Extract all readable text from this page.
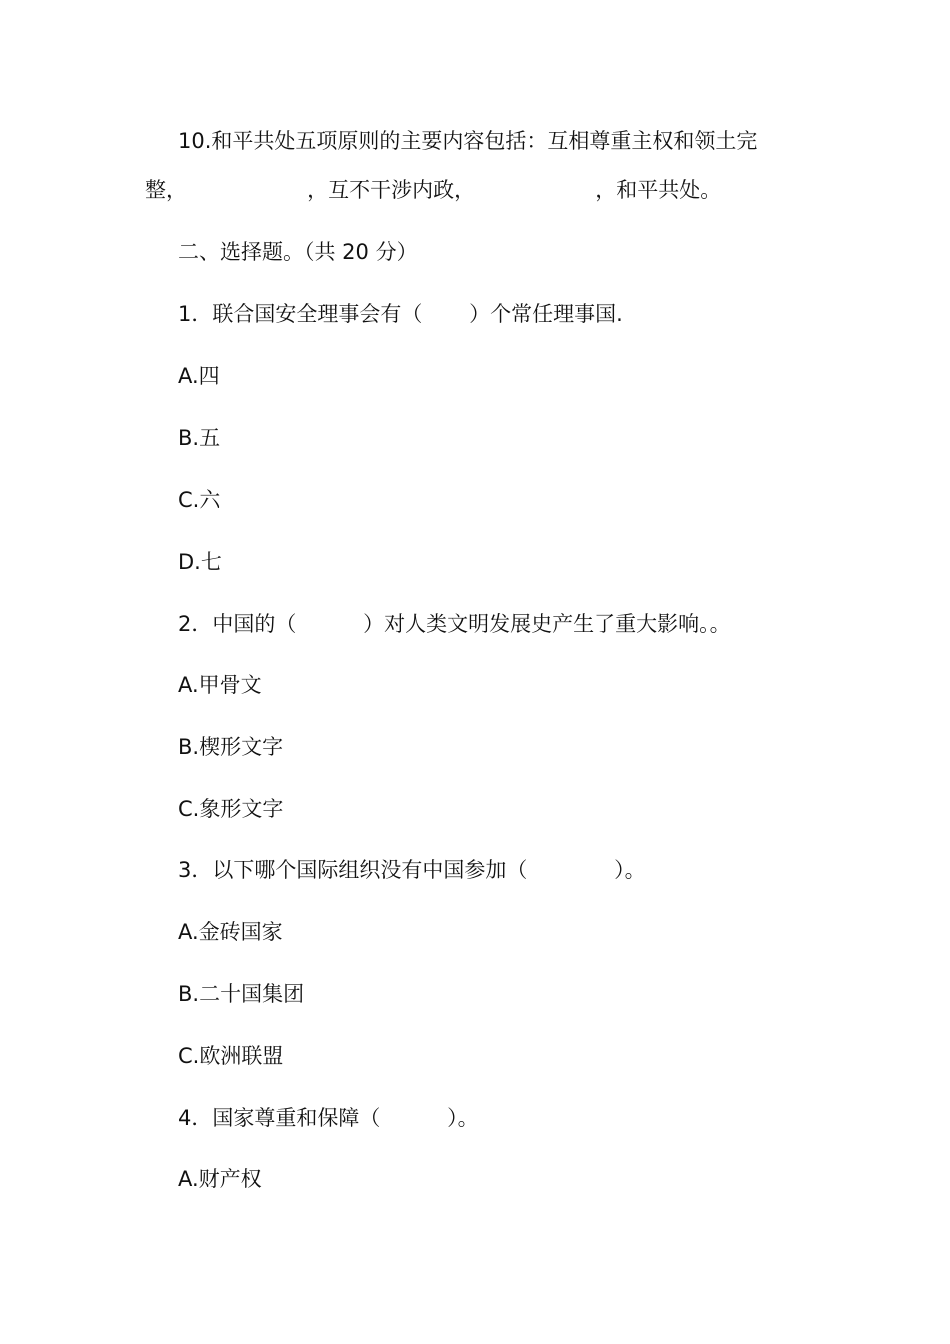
10.和平共处五项原则的主要内容包括：互相尊重主权和领土完
整，                  ，互不干涉内政，                  ，和平共处。
二、选择题。（共 20 分）
1．联合国安全理事会有（       ）个常任理事国.
A.四
B.五
C.六
D.七
2．中国的（          ）对人类文明发展史产生了重大影响。。
A.甲骨文
B.楔形文字
C.象形文字
3．以下哪个国际组织没有中国参加（             ）。
A.金砖国家
B.二十国集团
C.欧洲联盟
4．国家尊重和保障（          ）。
A.财产权
